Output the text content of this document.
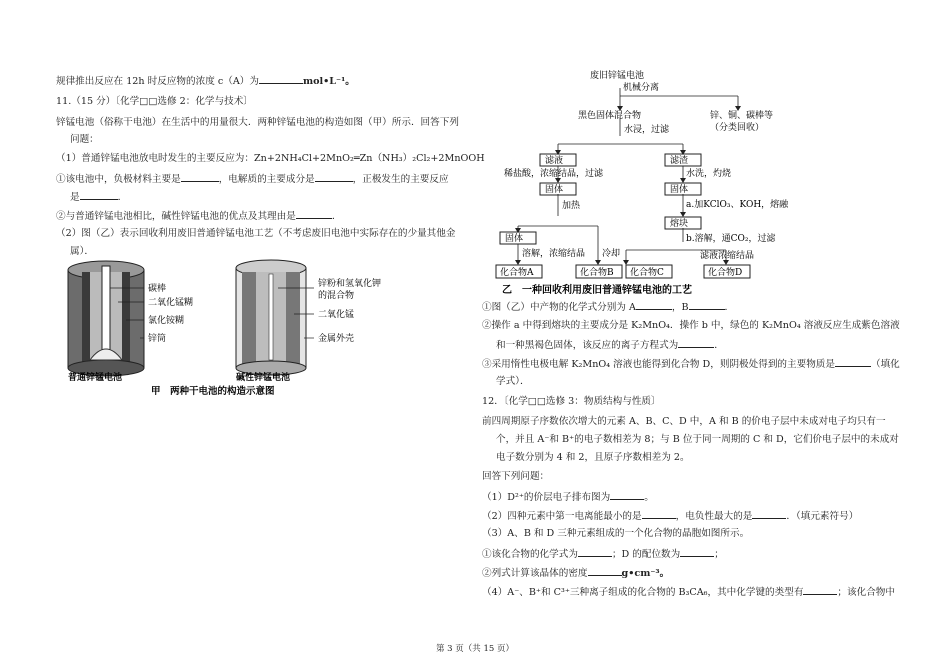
规律推出反应在 12h 时反应物的浓度 c（A）为	mol•L⁻¹。
11.（15 分）〔化学□□选修 2：化学与技术〕
锌锰电池（俗称干电池）在生活中的用量很大．两种锌锰电池的构造如图（甲）所示．回答下列
问题：
（1）普通锌锰电池放电时发生的主要反应为：Zn+2NH₄Cl+2MnO₂═Zn（NH₃）₂Cl₂+2MnOOH
①该电池中，负极材料主要是	，电解质的主要成分是	，正极发生的主要反应
是	．
②与普通锌锰电池相比，碱性锌锰电池的优点及其理由是	．
（2）图（乙）表示回收利用废旧普通锌锰电池工艺（不考虑废旧电池中实际存在的少量其他金
属）．
碳棒
二氧化锰糊
氯化铵糊
锌筒
普通锌锰电池
锌粉和氢氧化钾
的混合物
二氧化锰
金属外壳
碱性锌锰电池
甲　两种干电池的构造示意图
废旧锌锰电池
机械分离
黑色固体混合物
水浸，过滤
锌、铜、碳棒等
（分类回收）
滤液	滤渣
稀盐酸，浓缩结晶，过滤	水洗，灼烧
固体	固体
加热	a.加KClO₃、KOH，熔融
熔块
b.溶解，通CO₂，过滤
固体
溶解，浓缩结晶 冷却	滤液浓缩结晶
化合物A	化合物B 化合物C	化合物D
乙　一种回收利用废旧普通锌锰电池的工艺
①图（乙）中产物的化学式分别为 A	，B	．
②操作 a 中得到熔块的主要成分是 K₂MnO₄．操作 b 中，绿色的 K₂MnO₄ 溶液反应生成紫色溶液
和一种黑褐色固体，该反应的离子方程式为	．
③采用惰性电极电解 K₂MnO₄ 溶液也能得到化合物 D，则阴极处得到的主要物质是	（填化
学式）．
12．〔化学□□选修 3：物质结构与性质〕
前四周期原子序数依次增大的元素 A、B、C、D 中，A 和 B 的价电子层中未成对电子均只有一
个，并且 A⁻和 B⁺的电子数相差为 8；与 B 位于同一周期的 C 和 D，它们价电子层中的未成对
电子数分别为 4 和 2，且原子序数相差为 2。
回答下列问题：
（1）D²⁺的价层电子排布图为	。
（2）四种元素中第一电离能最小的是	，电负性最大的是	．（填元素符号）
（3）A、B 和 D 三种元素组成的一个化合物的晶胞如图所示。
①该化合物的化学式为	；D 的配位数为	；
②列式计算该晶体的密度	g•cm⁻³。
（4）A⁻、B⁺和 C³⁺三种离子组成的化合物的 B₃CA₆，其中化学键的类型有	；该化合物中
第 3 页（共 15 页）
